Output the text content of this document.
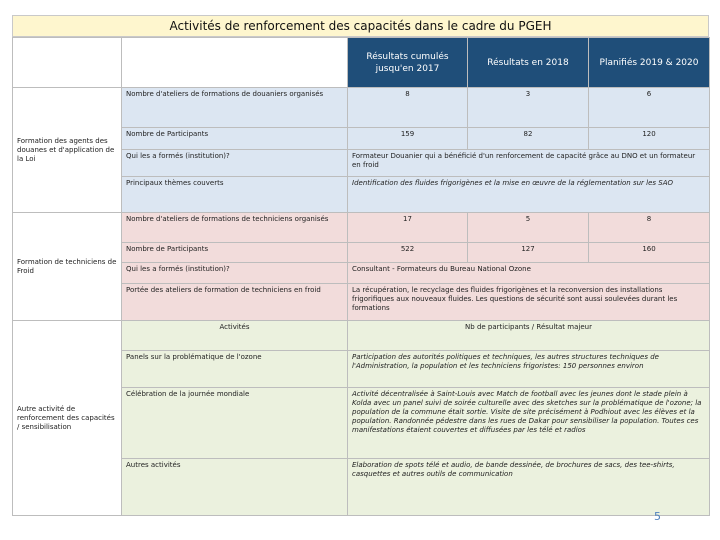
Activités de renforcement des capacités dans le cadre du PGEH
		Résultats cumulés jusqu'en 2017	Résultats en 2018	Planifiés 2019 & 2020
Formation des agents des douanes et d'application de la Loi	Nombre d'ateliers de formations de douaniers organisés	8	3	6
	Nombre de Participants	159	82	120
	Qui les a formés (institution)?	Formateur Douanier qui a bénéficié d'un renforcement de capacité grâce au DNO et un formateur en froid		
	Principaux thèmes couverts	Identification des fluides frigorigènes et la mise en œuvre de la réglementation sur les SAO		
Formation de techniciens de Froid	Nombre d'ateliers de formations de techniciens organisés	17	5	8
	Nombre de Participants	522	127	160
	Qui les a formés (institution)?	Consultant - Formateurs du Bureau National Ozone		
	Portée des ateliers de formation de techniciens en froid	La récupération, le recyclage des fluides frigorigènes et la reconversion des installations frigorifiques aux nouveaux fluides. Les questions de sécurité sont aussi soulevées durant les formations		
Autre activité de renforcement des capacités / sensibilisation	Activités	Nb de participants / Résultat majeur		
	Panels sur la problématique de l'ozone	Participation des autorités politiques et techniques, les autres structures techniques de l'Administration, la population et les techniciens frigoristes: 150 personnes environ		
	Célébration de la journée mondiale	Activité décentralisée à Saint-Louis avec Match de football avec les jeunes dont le stade plein à Kolda avec un panel suivi de soirée culturelle avec des sketches sur la problématique de l'ozone; la population de la commune était sortie. Visite de site précisément à Podhiout avec les élèves et la population. Randonnée pédestre dans les rues de Dakar pour sensibiliser la population. Toutes ces manifestations étaient couvertes et diffusées par les télé et radios		
	Autres activités	Elaboration de spots télé et audio, de bande dessinée, de brochures de sacs, des tee-shirts, casquettes et autres outils de communication		
5
